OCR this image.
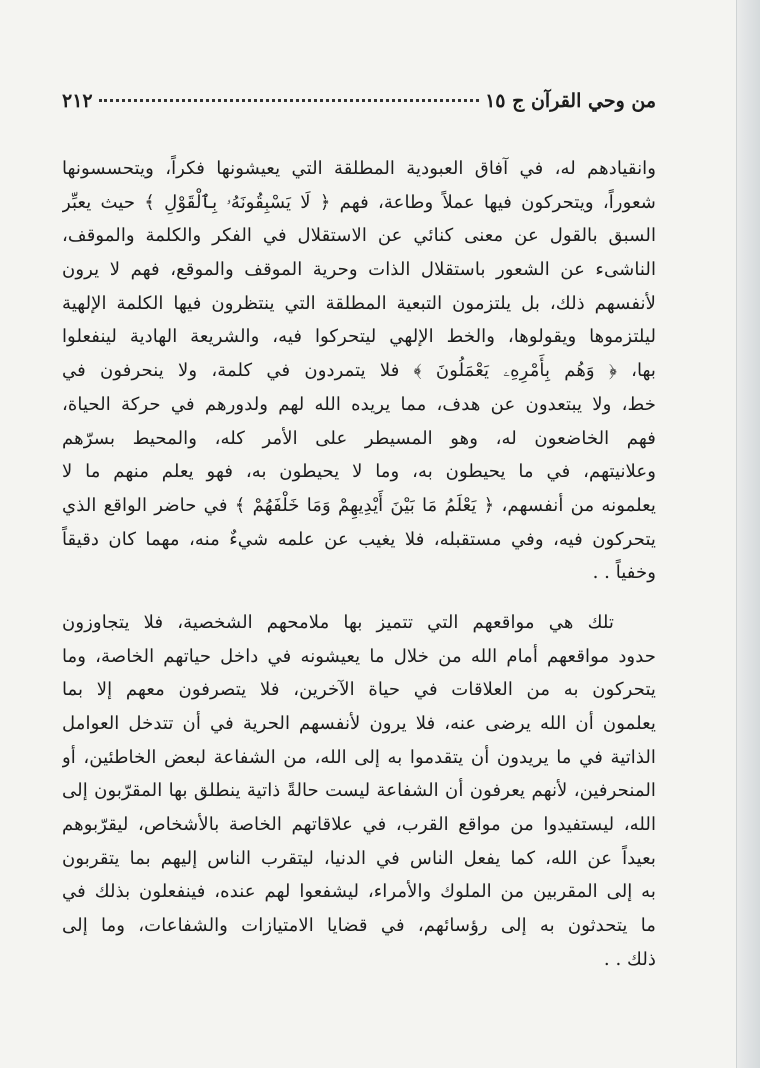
من وحي القرآن ج ١٥
٢١٢
وانقيادهم له، في آفاق العبودية المطلقة التي يعيشونها فكراً، ويتحسسونها
شعوراً، ويتحركون فيها عملاً وطاعة، فهم ﴿ لَا يَسْبِقُونَهُۥ بِٱلْقَوْلِ ﴾ حيث يعبِّر
السبق بالقول عن معنى كنائي عن الاستقلال في الفكر والكلمة والموقف،
الناشىء عن الشعور باستقلال الذات وحرية الموقف والموقع، فهم لا يرون
لأنفسهم ذلك، بل يلتزمون التبعية المطلقة التي ينتظرون فيها الكلمة الإلهية
ليلتزموها ويقولوها، والخط الإلهي ليتحركوا فيه، والشريعة الهادية لينفعلوا
بها، ﴿ وَهُم بِأَمْرِهِۦ يَعْمَلُونَ ﴾ فلا يتمردون في كلمة، ولا ينحرفون في
خط، ولا يبتعدون عن هدف، مما يريده الله لهم ولدورهم في حركة الحياة،
فهم الخاضعون له، وهو المسيطر على الأمر كله، والمحيط بسرّهم
وعلانيتهم، في ما يحيطون به، وما لا يحيطون به، فهو يعلم منهم ما لا
يعلمونه من أنفسهم، ﴿ يَعْلَمُ مَا بَيْنَ أَيْدِيهِمْ وَمَا خَلْفَهُمْ ﴾ في حاضر الواقع الذي
يتحركون فيه، وفي مستقبله، فلا يغيب عن علمه شيءٌ منه، مهما كان دقيقاً
وخفياً . .
تلك هي مواقعهم التي تتميز بها ملامحهم الشخصية، فلا يتجاوزون
حدود مواقعهم أمام الله من خلال ما يعيشونه في داخل حياتهم الخاصة، وما
يتحركون به من العلاقات في حياة الآخرين، فلا يتصرفون معهم إلا بما
يعلمون أن الله يرضى عنه، فلا يرون لأنفسهم الحرية في أن تتدخل العوامل
الذاتية في ما يريدون أن يتقدموا به إلى الله، من الشفاعة لبعض الخاطئين، أو
المنحرفين، لأنهم يعرفون أن الشفاعة ليست حالةً ذاتية ينطلق بها المقرّبون إلى
الله، ليستفيدوا من مواقع القرب، في علاقاتهم الخاصة بالأشخاص، ليقرّبوهم
بعيداً عن الله، كما يفعل الناس في الدنيا، ليتقرب الناس إليهم بما يتقربون
به إلى المقربين من الملوك والأمراء، ليشفعوا لهم عنده، فينفعلون بذلك في
ما يتحدثون به إلى رؤسائهم، في قضايا الامتيازات والشفاعات، وما إلى
ذلك . .
